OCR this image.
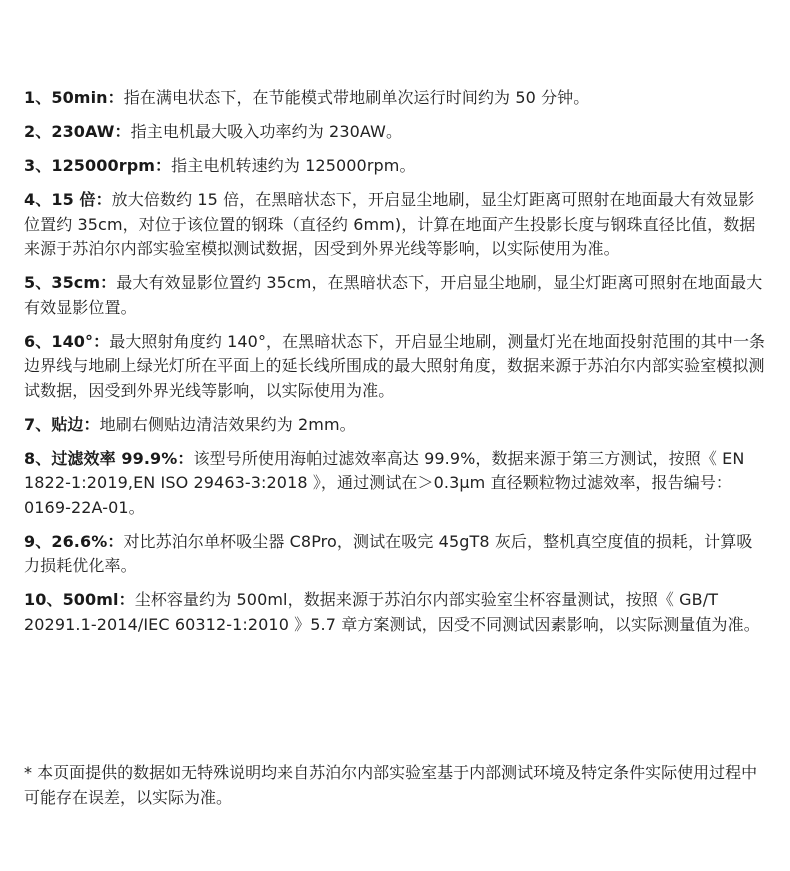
1、50min：指在满电状态下，在节能模式带地刷单次运行时间约为 50 分钟。

2、230AW：指主电机最大吸入功率约为 230AW。

3、125000rpm：指主电机转速约为 125000rpm。

4、15 倍：放大倍数约 15 倍，在黑暗状态下，开启显尘地刷，显尘灯距离可照射在地面最大有效显影位置约 35cm，对位于该位置的钢珠（直径约 6mm)，计算在地面产生投影长度与钢珠直径比值，数据来源于苏泊尔内部实验室模拟测试数据，因受到外界光线等影响，以实际使用为准。

5、35cm：最大有效显影位置约 35cm，在黑暗状态下，开启显尘地刷，显尘灯距离可照射在地面最大有效显影位置。

6、140°：最大照射角度约 140°，在黑暗状态下，开启显尘地刷，测量灯光在地面投射范围的其中一条边界线与地刷上绿光灯所在平面上的延长线所围成的最大照射角度，数据来源于苏泊尔内部实验室模拟测试数据，因受到外界光线等影响，以实际使用为准。

7、贴边：地刷右侧贴边清洁效果约为 2mm。

8、过滤效率 99.9%：该型号所使用海帕过滤效率高达 99.9%，数据来源于第三方测试，按照《 EN 1822-1:2019,EN ISO 29463-3:2018 》，通过测试在＞0.3μm 直径颗粒物过滤效率，报告编号：0169-22A-01。

9、26.6%：对比苏泊尔单杯吸尘器 C8Pro，测试在吸完 45gT8 灰后，整机真空度值的损耗，计算吸力损耗优化率。

10、500ml：尘杯容量约为 500ml，数据来源于苏泊尔内部实验室尘杯容量测试，按照《 GB/T 20291.1-2014/IEC 60312-1:2010 》5.7 章方案测试，因受不同测试因素影响，以实际测量值为准。

* 本页面提供的数据如无特殊说明均来自苏泊尔内部实验室基于内部测试环境及特定条件实际使用过程中可能存在误差，以实际为准。
